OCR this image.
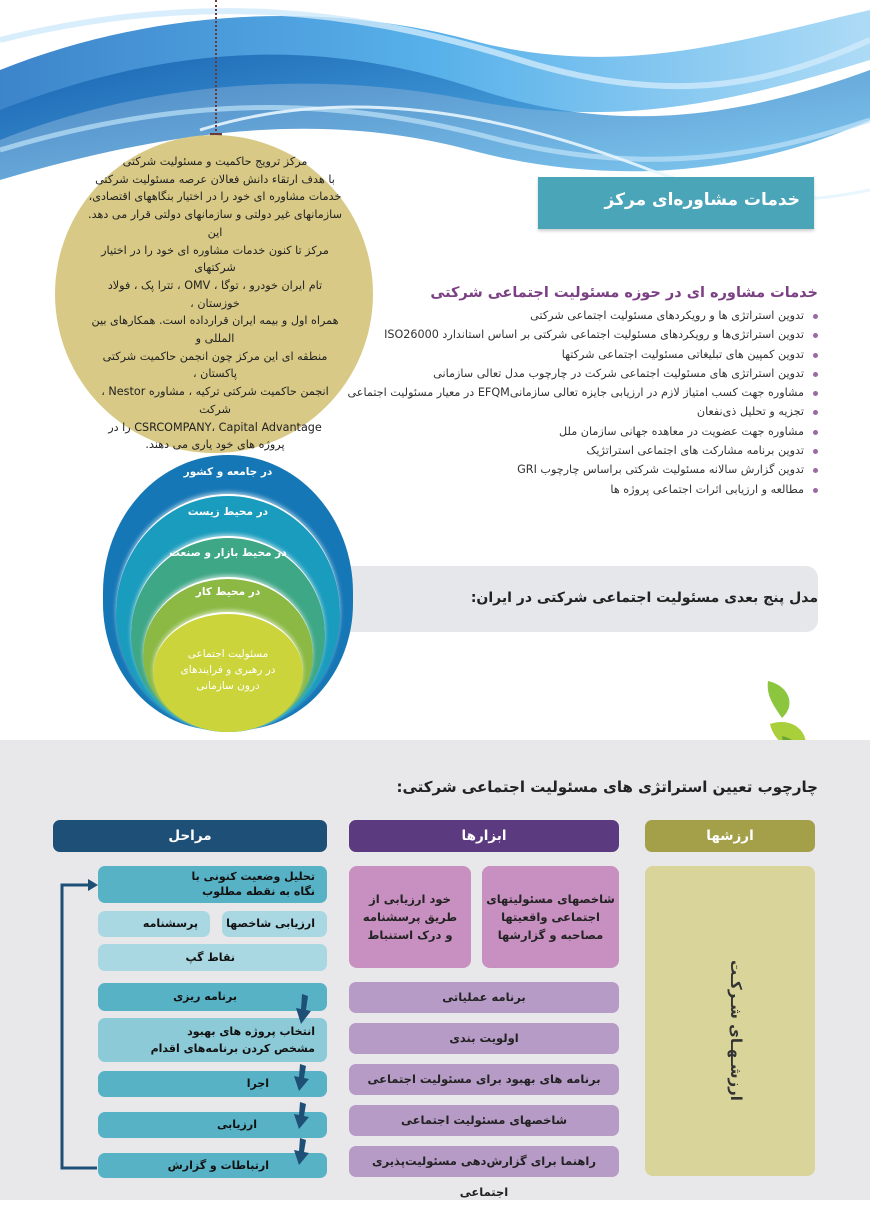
مرکز ترویج حاکمیت و مسئولیت شرکتی
با هدف ارتقاء دانش فعالان عرصه مسئولیت شرکتی
خدمات مشاوره ای خود را در اختیار بنگاههای اقتصادی،
سازمانهای غیر دولتی و سازمانهای دولتی قرار می دهد. این
مرکز تا کنون خدمات مشاوره ای خود را در اختیار شرکتهای
تام ایران خودرو ، توگا ، OMV ، تترا پک ، فولاد خوزستان ،
همراه اول و بیمه ایران قرارداده است. همکارهای بین المللی و
منطقه ای این مرکز چون انجمن حاکمیت شرکتی پاکستان ،
انجمن حاکمیت شرکتی ترکیه ، مشاوره Nestor ، شرکت
CSRCOMPANY، Capital Advantage را در
پروژه های خود یاری می دهند.
خدمات مشاوره‌ای مرکز
خدمات مشاوره ای در حوزه مسئولیت اجتماعی شرکتی
تدوین استراتژی ها و رویکردهای مسئولیت اجتماعی شرکتی
تدوین استراتژی‌ها و رویکردهای مسئولیت اجتماعی شرکتی بر اساس استاندارد ISO26000
تدوین کمپین های تبلیغاتی مسئولیت اجتماعی شرکتها
تدوین استراتژی های مسئولیت اجتماعی شرکت در چارچوب مدل تعالی سازمانی
مشاوره جهت کسب امتیاز لازم در ارزیابی جایزه تعالی سازمانیEFQM در معیار مسئولیت اجتماعی
تجزیه و تحلیل ذی‌نفعان
مشاوره جهت عضویت در معاهده جهانی سازمان ملل
تدوین برنامه مشارکت های اجتماعی استراتژیک
تدوین گزارش سالانه مسئولیت شرکتی براساس چارچوب GRI
مطالعه و ارزیابی اثرات اجتماعی پروژه ها
مدل پنج بعدی مسئولیت اجتماعی شرکتی در ایران:
در جامعه و کشور
در محیط زیست
در محیط بازار و صنعت
در محیط کار
مسئولیت اجتماعی
در رهبری و فرایندهای
درون سازمانی
چارچوب تعیین استراتژی های مسئولیت اجتماعی شرکتی:
ارزشها
ابزارها
مراحل
ارزشـهـای شـرکـت
شاخصهای مسئولیتهای
اجتماعی واقعیتها
مصاحبه و گزارشها
خود ارزیابی از
طریق پرسشنامه
و درک استنباط
برنامه عملیاتی
اولویت بندی
برنامه های بهبود برای مسئولیت اجتماعی
شاخصهای مسئولیت اجتماعی
راهنما برای گزارش‌دهی مسئولیت‌پذیری اجتماعی
تحلیل وضعیت کنونی با
نگاه به نقطه مطلوب
ارزیابی شاخصها
پرسشنامه
نقاط گپ
برنامه ریزی
انتخاب پروژه های بهبود
مشخص کردن برنامه‌های اقدام
اجرا
ارزیابی
ارتباطات و گزارش
